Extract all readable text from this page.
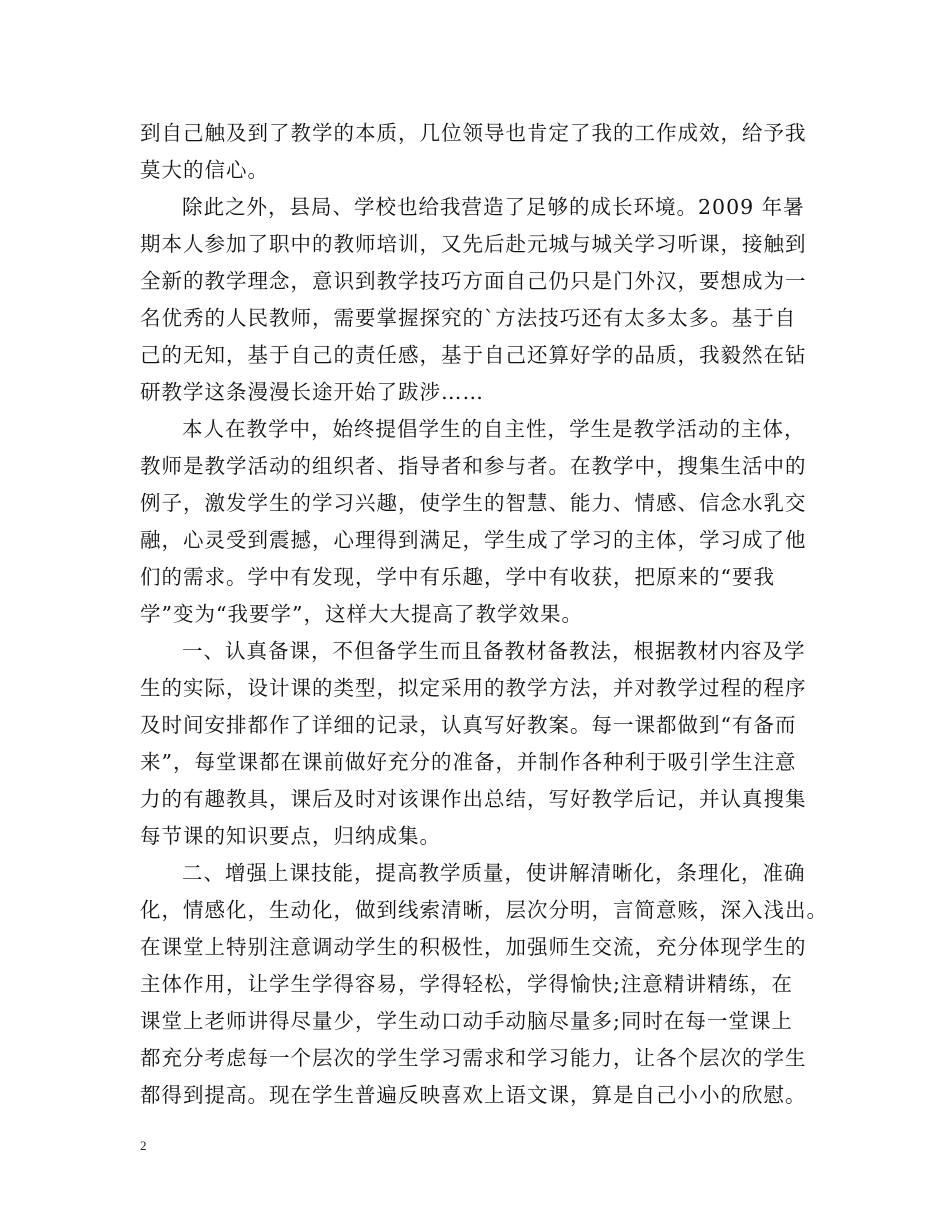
到自己触及到了教学的本质，几位领导也肯定了我的工作成效，给予我
莫大的信心。
除此之外，县局、学校也给我营造了足够的成长环境。2009 年暑
期本人参加了职中的教师培训，又先后赴元城与城关学习听课，接触到
全新的教学理念，意识到教学技巧方面自己仍只是门外汉，要想成为一
名优秀的人民教师，需要掌握探究的`方法技巧还有太多太多。基于自
己的无知，基于自己的责任感，基于自己还算好学的品质，我毅然在钻
研教学这条漫漫长途开始了跋涉……
本人在教学中，始终提倡学生的自主性，学生是教学活动的主体，
教师是教学活动的组织者、指导者和参与者。在教学中，搜集生活中的
例子，激发学生的学习兴趣，使学生的智慧、能力、情感、信念水乳交
融，心灵受到震撼，心理得到满足，学生成了学习的主体，学习成了他
们的需求。学中有发现，学中有乐趣，学中有收获，把原来的“要我
学”变为“我要学”，这样大大提高了教学效果。
一、认真备课，不但备学生而且备教材备教法，根据教材内容及学
生的实际，设计课的类型，拟定采用的教学方法，并对教学过程的程序
及时间安排都作了详细的记录，认真写好教案。每一课都做到“有备而
来”，每堂课都在课前做好充分的准备，并制作各种利于吸引学生注意
力的有趣教具，课后及时对该课作出总结，写好教学后记，并认真搜集
每节课的知识要点，归纳成集。
二、增强上课技能，提高教学质量，使讲解清晰化，条理化，准确
化，情感化，生动化，做到线索清晰，层次分明，言简意赅，深入浅出。
在课堂上特别注意调动学生的积极性，加强师生交流，充分体现学生的
主体作用，让学生学得容易，学得轻松，学得愉快;注意精讲精练，在
课堂上老师讲得尽量少，学生动口动手动脑尽量多;同时在每一堂课上
都充分考虑每一个层次的学生学习需求和学习能力，让各个层次的学生
都得到提高。现在学生普遍反映喜欢上语文课，算是自己小小的欣慰。
2
